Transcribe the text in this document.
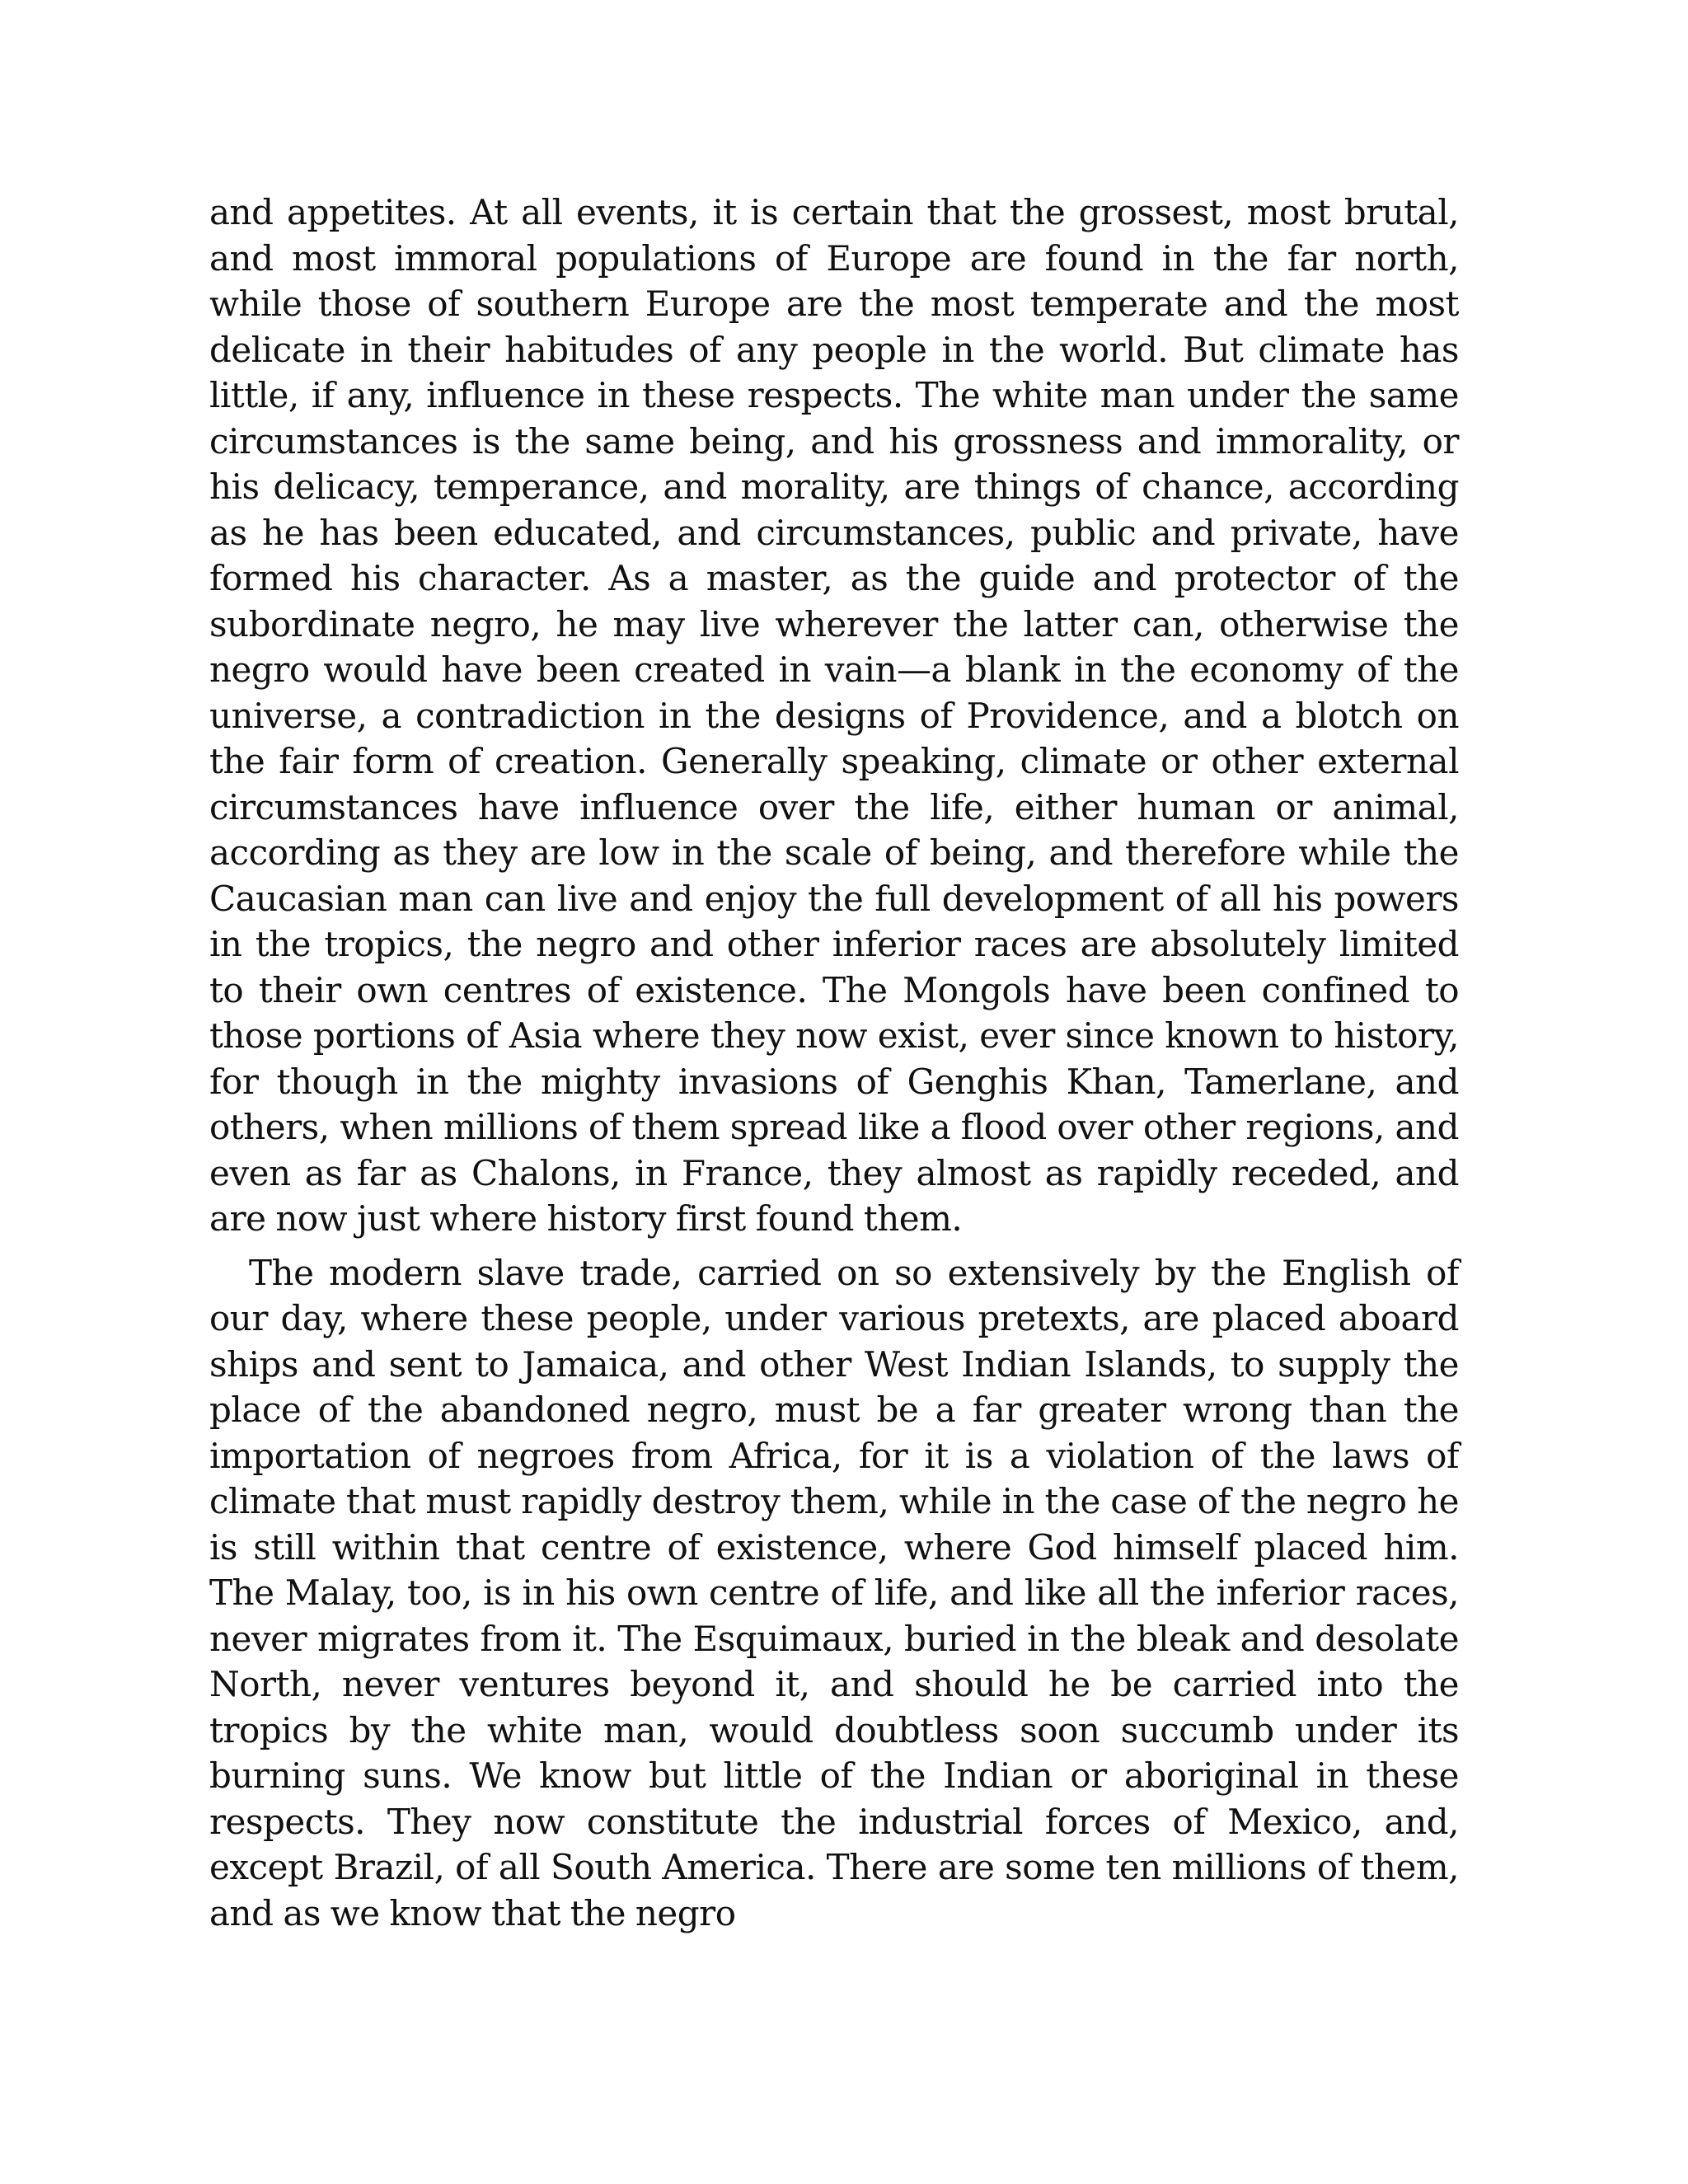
and appetites. At all events, it is certain that the grossest, most brutal, and most immoral populations of Europe are found in the far north, while those of southern Europe are the most temperate and the most delicate in their habitudes of any people in the world. But climate has little, if any, influence in these respects. The white man under the same circumstances is the same being, and his grossness and immorality, or his delicacy, temperance, and morality, are things of chance, according as he has been educated, and circumstances, public and private, have formed his character. As a master, as the guide and protector of the subordinate negro, he may live wherever the latter can, otherwise the negro would have been created in vain—a blank in the economy of the universe, a contradiction in the designs of Providence, and a blotch on the fair form of creation. Generally speaking, climate or other external circumstances have influence over the life, either human or animal, according as they are low in the scale of being, and therefore while the Caucasian man can live and enjoy the full development of all his powers in the tropics, the negro and other inferior races are absolutely limited to their own centres of existence. The Mongols have been confined to those portions of Asia where they now exist, ever since known to history, for though in the mighty invasions of Genghis Khan, Tamerlane, and others, when millions of them spread like a flood over other regions, and even as far as Chalons, in France, they almost as rapidly receded, and are now just where history first found them.

The modern slave trade, carried on so extensively by the English of our day, where these people, under various pretexts, are placed aboard ships and sent to Jamaica, and other West Indian Islands, to supply the place of the abandoned negro, must be a far greater wrong than the importation of negroes from Africa, for it is a violation of the laws of climate that must rapidly destroy them, while in the case of the negro he is still within that centre of existence, where God himself placed him. The Malay, too, is in his own centre of life, and like all the inferior races, never migrates from it. The Esquimaux, buried in the bleak and desolate North, never ventures beyond it, and should he be carried into the tropics by the white man, would doubtless soon succumb under its burning suns. We know but little of the Indian or aboriginal in these respects. They now constitute the industrial forces of Mexico, and, except Brazil, of all South America. There are some ten millions of them, and as we know that the negro
